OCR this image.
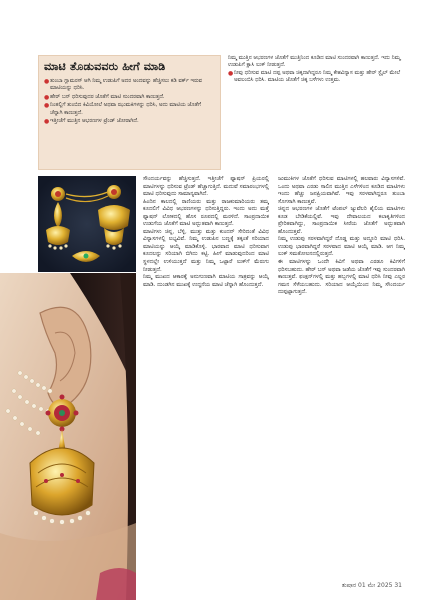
ಮಾಟಿ ತೊಡುವವರು ಹೀಗೆ ಮಾಡಿ

● ತುಂಬಾ ಗ್ಲಾಮರಸ್‌ ಆಗಿ ನಿಮ್ಮ ಉಡುಪಿಗೆ ಅದರ ಅಂದವನ್ನು ಹೆಚ್ಚಿಸಲು ಕಡಿ ವರ್ಕ್‌ ಇರುವ ಮಾಟಿಯನ್ನು ಧರಿಸಿ.

● ಹೇರ್‌ ಬನ್‌ ಧರಿಸುವುದರ ಜೊತೆಗೆ ಮಾಟಿ ಸುಂದರವಾಗಿ ಕಾಣುತ್ತದೆ.

● ನಿಂತಲ್ಲಿಗೆ ತುಂಬಿದ ಕಿವಿಯೋಲೆ ಅಥವಾ ಝುಮಕಿಗಳನ್ನು ಧರಿಸಿ, ಅದು ಮಾಟಿಯ ಜೊತೆಗೆ ಚೆನ್ನಾಗಿ ಕಾಣುತ್ತದೆ.

● ಇತ್ತೀಚೆಗೆ ಮುತ್ತಿನ ಆಭರಣಗಳ ಟ್ರೆಂಡ್‌ ಜೋರಾಗಿದೆ.

ನಿಮ್ಮ ಮುತ್ತಿನ ಆಭರಣಗಳ ಜೊತೆಗೆ ಮುತ್ತಿನಿಂದ ಕೂಡಿದ ಮಾಟಿ ಸುಂದರವಾಗಿ ಕಾಣುತ್ತದೆ. ಇದು ನಿಮ್ಮ ಉಡುಪಿಗೆ ಕ್ಲಾಸಿ ಲುಕ್‌ ನೀಡುತ್ತದೆ.

● ನೀವು ಧರಿಸುವ ಮಾಟಿ ದಪ್ಪ ಅಥವಾ ಚಿಕ್ಕದಾಗಿದ್ದರೂ ನಿಮ್ಮ ಕೇಶವಿನ್ಯಾಸ ಮತ್ತು ಹೇರ್‌ ಸ್ಟೈಲ್‌ ಮೇಲೆ ಅವಲಂಬಿಸಿ ಧರಿಸಿ. ಮಾಟಿಯ ಜೊತೆಗೆ ಚಿಕ್ಕ ಬಳೆಗಳು ಉತ್ತಮ.

ಸೌಂದರ್ಯವನ್ನು ಹೆಚ್ಚಿಸುತ್ತದೆ. ಇತ್ತೀಚೆಗೆ ಫ್ಯಾಷನ್‌ ಪ್ರಿಯರಲ್ಲಿ ಮಾಟಿಗಳನ್ನು ಧರಿಸುವ ಟ್ರೆಂಡ್‌ ಹೆಚ್ಚಾಗುತ್ತಿದೆ. ಮದುವೆ ಸಮಾರಂಭಗಳಲ್ಲಿ ಮಾಟಿ ಧರಿಸುವುದು ಸಾಮಾನ್ಯವಾಗಿದೆ.

ಹಿಂದಿನ ಕಾಲದಲ್ಲಿ ರಾಣಿಯರು ಮತ್ತು ರಾಜಕುಮಾರಿಯರು ತಮ್ಮ ಕೂದಲಿಗೆ ವಿವಿಧ ಆಭರಣಗಳನ್ನು ಧರಿಸುತ್ತಿದ್ದರು. ಇಂದು ಅದು ಮತ್ತೆ ಫ್ಯಾಷನ್‌ ಲೋಕದಲ್ಲಿ ಹೊಸ ರೂಪದಲ್ಲಿ ಮರಳಿದೆ. ಸಾಂಪ್ರದಾಯಿಕ ಉಡುಗೆಯ ಜೊತೆಗೆ ಮಾಟಿ ಅದ್ಭುತವಾಗಿ ಕಾಣುತ್ತದೆ.

ಮಾಟಿಗಳು ಚಿನ್ನ, ಬೆಳ್ಳಿ, ಮುತ್ತು ಮತ್ತು ಕುಂದನ್‌ ಸೇರಿದಂತೆ ವಿವಿಧ ವಿನ್ಯಾಸಗಳಲ್ಲಿ ಲಭ್ಯವಿವೆ. ನಿಮ್ಮ ಉಡುಪಿನ ಬಣ್ಣಕ್ಕೆ ತಕ್ಕಂತೆ ಸರಿಯಾದ ಮಾಟಿಯನ್ನು ಆಯ್ಕೆ ಮಾಡಿಕೊಳ್ಳಿ. ಭಾರವಾದ ಮಾಟಿ ಧರಿಸುವಾಗ ಕೂದಲನ್ನು ಸರಿಯಾಗಿ ಬಿಗಿದು ಕಟ್ಟಿ. ಹೀಗೆ ಮಾಡುವುದರಿಂದ ಮಾಟಿ ಸ್ಥಳದಲ್ಲೇ ಉಳಿಯುತ್ತದೆ ಮತ್ತು ನಿಮ್ಮ ಒಟ್ಟಾರೆ ಲುಕ್‌ಗೆ ಮೆರುಗು ನೀಡುತ್ತದೆ.

ನಿಮ್ಮ ಮುಖದ ಆಕಾರಕ್ಕೆ ಅನುಗುಣವಾಗಿ ಮಾಟಿಯ ಗಾತ್ರವನ್ನು ಆಯ್ಕೆ ಮಾಡಿ. ದುಂಡಗಿನ ಮುಖಕ್ಕೆ ಉದ್ದನೆಯ ಮಾಟಿ ಚೆನ್ನಾಗಿ ಹೊಂದುತ್ತದೆ.

ಜುಮುಕಿಗಳ ಜೊತೆಗೆ ಧರಿಸುವ ಮಾಟಿಗಳಲ್ಲಿ ಹಲವಾರು ವಿನ್ಯಾಸಗಳಿವೆ. ಒಂದು ಅಥವಾ ಎರಡು ಸಾಲಿನ ಮುತ್ತಿನ ಎಳೆಗಳಿಂದ ಕೂಡಿದ ಮಾಟಿಗಳು ಇಂದು ಹೆಚ್ಚು ಜನಪ್ರಿಯವಾಗಿವೆ. ಇವು ಸರಳವಾಗಿದ್ದರೂ ತುಂಬಾ ಸೊಗಸಾಗಿ ಕಾಣುತ್ತವೆ.

ಚಿನ್ನದ ಆಭರಣಗಳ ಜೊತೆಗೆ ಟೆಂಪಲ್‌ ಜ್ಯುವೆಲರಿ ಶೈಲಿಯ ಮಾಟಿಗಳು ಕೂಡ ಬೇಡಿಕೆಯಲ್ಲಿವೆ. ಇವು ದೇವಾಲಯದ ಕಲಾಕೃತಿಗಳಿಂದ ಪ್ರೇರಿತವಾಗಿದ್ದು, ಸಾಂಪ್ರದಾಯಿಕ ಸೀರೆಯ ಜೊತೆಗೆ ಅದ್ಭುತವಾಗಿ ಹೊಂದುತ್ತವೆ.

ನಿಮ್ಮ ಉಡುಪು ಸರಳವಾಗಿದ್ದರೆ ದೊಡ್ಡ ಮತ್ತು ಅದ್ದೂರಿ ಮಾಟಿ ಧರಿಸಿ. ಉಡುಪು ಭಾರವಾಗಿದ್ದರೆ ಸರಳವಾದ ಮಾಟಿ ಆಯ್ಕೆ ಮಾಡಿ. ಆಗ ನಿಮ್ಮ ಲುಕ್‌ ಸಮತೋಲನದಲ್ಲಿರುತ್ತದೆ.

ಈ ಮಾಟಿಗಳನ್ನು ಒಂದೇ ಕಿವಿಗೆ ಅಥವಾ ಎರಡೂ ಕಿವಿಗಳಿಗೆ ಧರಿಸಬಹುದು. ಹೇರ್‌ ಬನ್‌ ಅಥವಾ ಜಡೆಯ ಜೊತೆಗೆ ಇವು ಸುಂದರವಾಗಿ ಕಾಣುತ್ತವೆ. ಫಂಕ್ಷನ್‌ಗಳಲ್ಲಿ ಮತ್ತು ಹಬ್ಬಗಳಲ್ಲಿ ಮಾಟಿ ಧರಿಸಿ ನೀವು ಎಲ್ಲರ ಗಮನ ಸೆಳೆಯಬಹುದು. ಸರಿಯಾದ ಆಯ್ಕೆಯಿಂದ ನಿಮ್ಮ ಸೌಂದರ್ಯ ದುಪ್ಪಟ್ಟಾಗುತ್ತದೆ.

ತುಷಾರ 01 ಮೇ 2025 31
